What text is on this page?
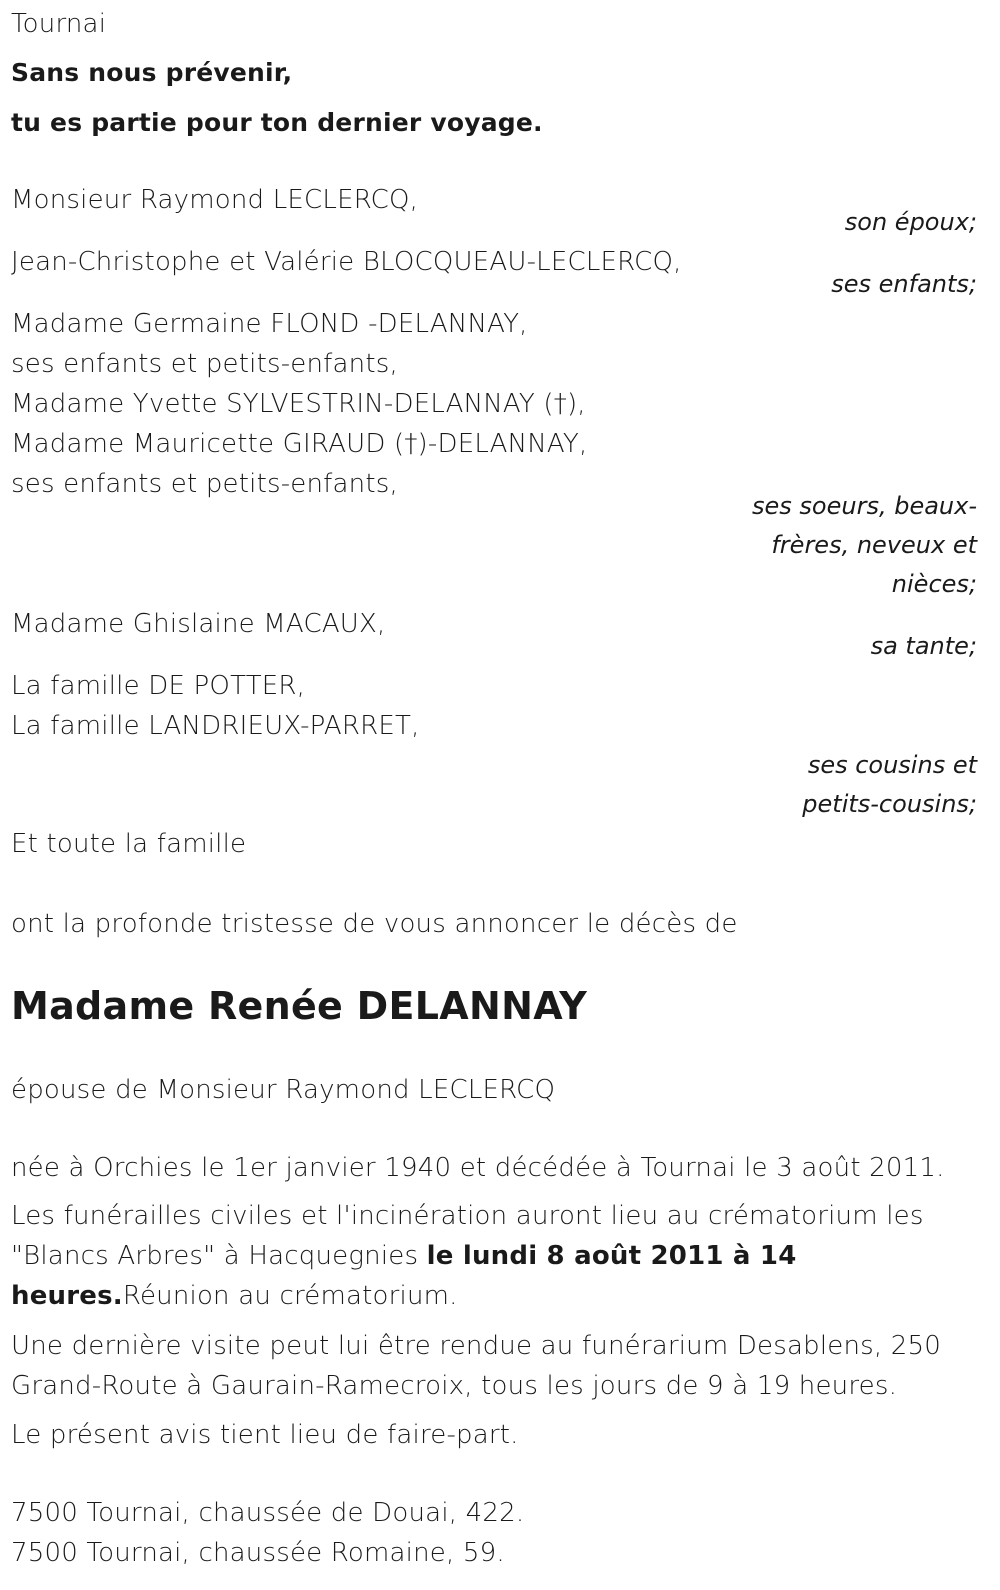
Tournai
Sans nous prévenir,
tu es partie pour ton dernier voyage.
Monsieur Raymond LECLERCQ,
son époux;
Jean-Christophe et Valérie BLOCQUEAU-LECLERCQ,
ses enfants;
Madame Germaine FLOND -DELANNAY,
ses enfants et petits-enfants,
Madame Yvette SYLVESTRIN-DELANNAY (†),
Madame Mauricette GIRAUD (†)-DELANNAY,
ses enfants et petits-enfants,
ses soeurs, beaux-frères, neveux et nièces;
Madame Ghislaine MACAUX,
sa tante;
La famille DE POTTER,
La famille LANDRIEUX-PARRET,
ses cousins et petits-cousins;
Et toute la famille
ont la profonde tristesse de vous annoncer le décès de
Madame Renée DELANNAY
épouse de Monsieur Raymond LECLERCQ
née à Orchies le 1er janvier 1940 et décédée à Tournai le 3 août 2011.
Les funérailles civiles et l'incinération auront lieu au crématorium les "Blancs Arbres" à Hacquegnies le lundi 8 août 2011 à 14 heures.Réunion au crématorium.
Une dernière visite peut lui être rendue au funérarium Desablens, 250 Grand-Route à Gaurain-Ramecroix, tous les jours de 9 à 19 heures.
Le présent avis tient lieu de faire-part.
7500 Tournai, chaussée de Douai, 422.
7500 Tournai, chaussée Romaine, 59.
